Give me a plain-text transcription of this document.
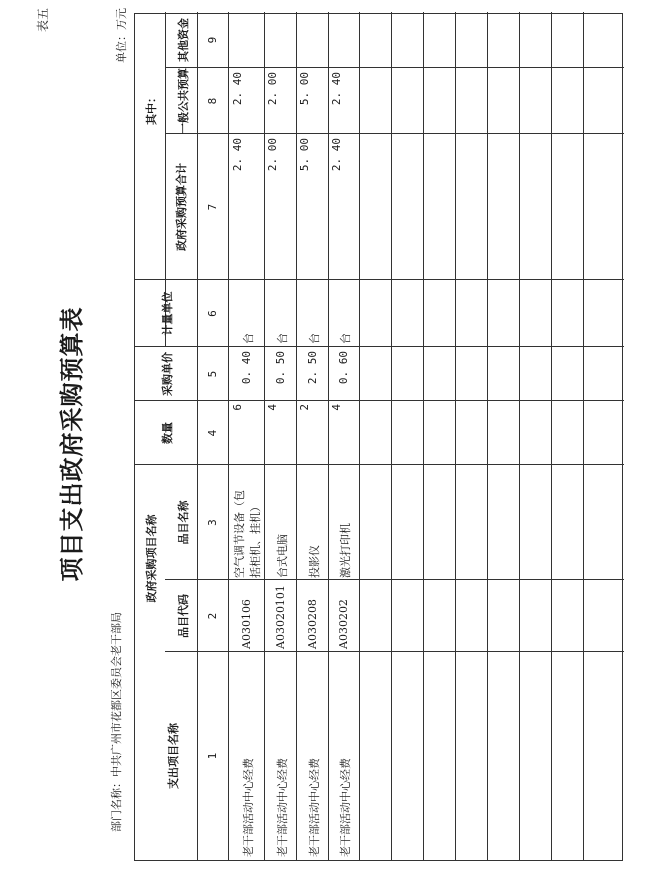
项目支出政府采购预算表
表五	单位：万元
部门名称：中共广州市花都区委员会老干部局
政府采购项目名称
支出项目名称
品目代码
品目名称
数量
采购单价
计量单位
政府采购预算合计
其中： 一般公共预算
其他资金
1
2
3
4
5
6
7
8
9
老干部活动中心经费
A030106
空气调节设备（包 括柜机、挂机）
6
0. 40
台
2. 40
2. 40
老干部活动中心经费
A03020101
台式电脑
4
0. 50
台
2. 00
2. 00
老干部活动中心经费
A030208
投影仪
2
2. 50
台
5. 00
5. 00
老干部活动中心经费
A030202
激光打印机
4
0. 60
台
2. 40
2. 40
